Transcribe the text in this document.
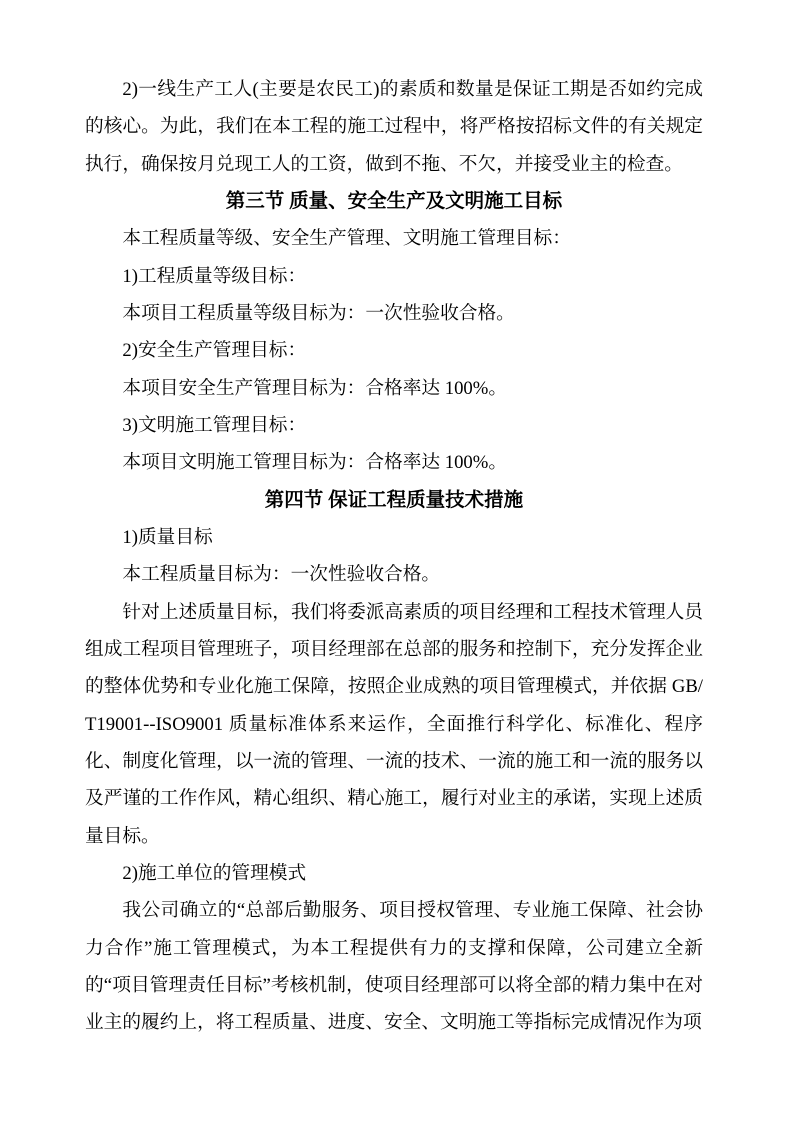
2)一线生产工人(主要是农民工)的素质和数量是保证工期是否如约完成的核心。为此，我们在本工程的施工过程中，将严格按招标文件的有关规定执行，确保按月兑现工人的工资，做到不拖、不欠，并接受业主的检查。

第三节 质量、安全生产及文明施工目标

本工程质量等级、安全生产管理、文明施工管理目标：

1)工程质量等级目标：

本项目工程质量等级目标为：一次性验收合格。

2)安全生产管理目标：

本项目安全生产管理目标为：合格率达 100%。

3)文明施工管理目标：

本项目文明施工管理目标为：合格率达 100%。

第四节 保证工程质量技术措施

1)质量目标

本工程质量目标为：一次性验收合格。

针对上述质量目标，我们将委派高素质的项目经理和工程技术管理人员组成工程项目管理班子，项目经理部在总部的服务和控制下，充分发挥企业的整体优势和专业化施工保障，按照企业成熟的项目管理模式，并依据 GB/T19001--ISO9001 质量标准体系来运作，全面推行科学化、标准化、程序化、制度化管理，以一流的管理、一流的技术、一流的施工和一流的服务以及严谨的工作作风，精心组织、精心施工，履行对业主的承诺，实现上述质量目标。

2)施工单位的管理模式

我公司确立的“总部后勤服务、项目授权管理、专业施工保障、社会协力合作”施工管理模式，为本工程提供有力的支撑和保障，公司建立全新的“项目管理责任目标”考核机制，使项目经理部可以将全部的精力集中在对业主的履约上，将工程质量、进度、安全、文明施工等指标完成情况作为项
